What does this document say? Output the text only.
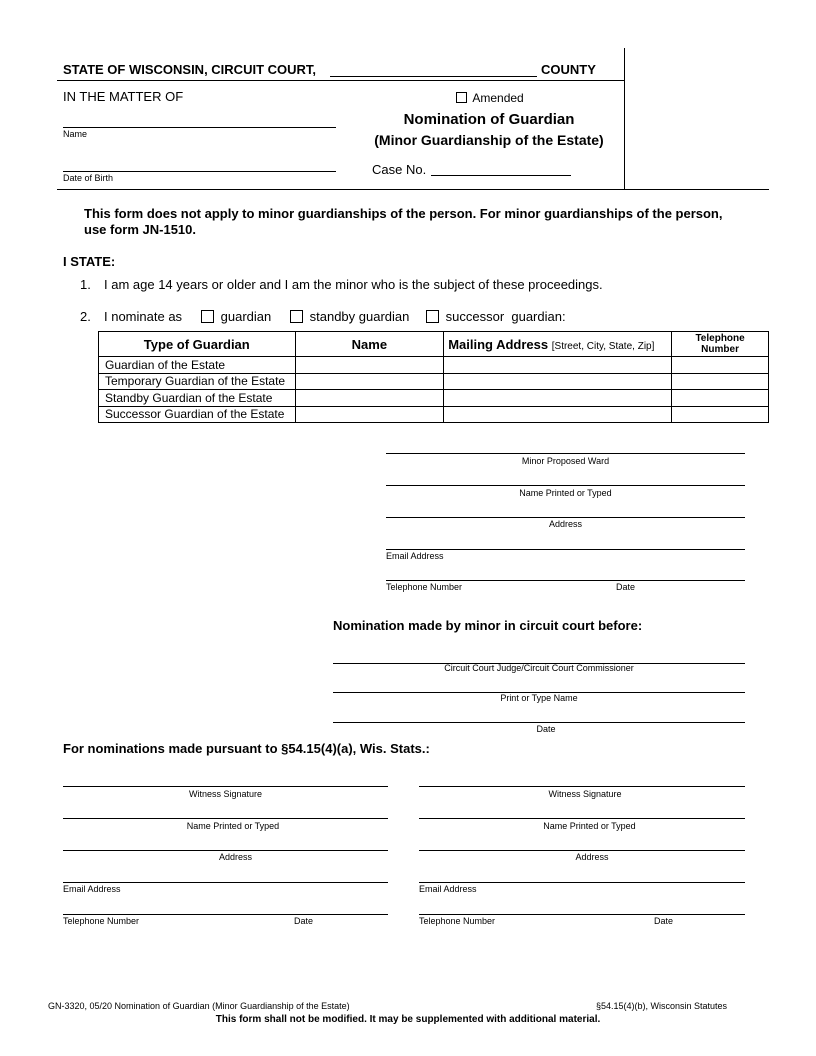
STATE OF WISCONSIN, CIRCUIT COURT,	COUNTY
IN THE MATTER OF
Name
Date of Birth
Amended
Nomination of Guardian
(Minor Guardianship of the Estate)
Case No.
This form does not apply to minor guardianships of the person. For minor guardianships of the person,
use form JN-1510.
I STATE:
1. I am age 14 years or older and I am the minor who is the subject of these proceedings.
2. I nominate as	guardian	standby guardian	successor  guardian:
Type of Guardian	Name	Mailing Address [Street, City, State, Zip]	Telephone
Number
Guardian of the Estate			
Temporary Guardian of the Estate			
Standby Guardian of the Estate			
Successor Guardian of the Estate			
Minor Proposed Ward
Name Printed or Typed
Address
Email Address
Telephone Number	Date
Nomination made by minor in circuit court before:
Circuit Court Judge/Circuit Court Commissioner
Print or Type Name
Date
For nominations made pursuant to §54.15(4)(a), Wis. Stats.:
Witness Signature
Name Printed or Typed
Address
Email Address
Telephone Number	Date
Witness Signature
Name Printed or Typed
Address
Email Address
Telephone Number	Date
GN-3320, 05/20 Nomination of Guardian (Minor Guardianship of the Estate)	§54.15(4)(b), Wisconsin Statutes
This form shall not be modified. It may be supplemented with additional material.
